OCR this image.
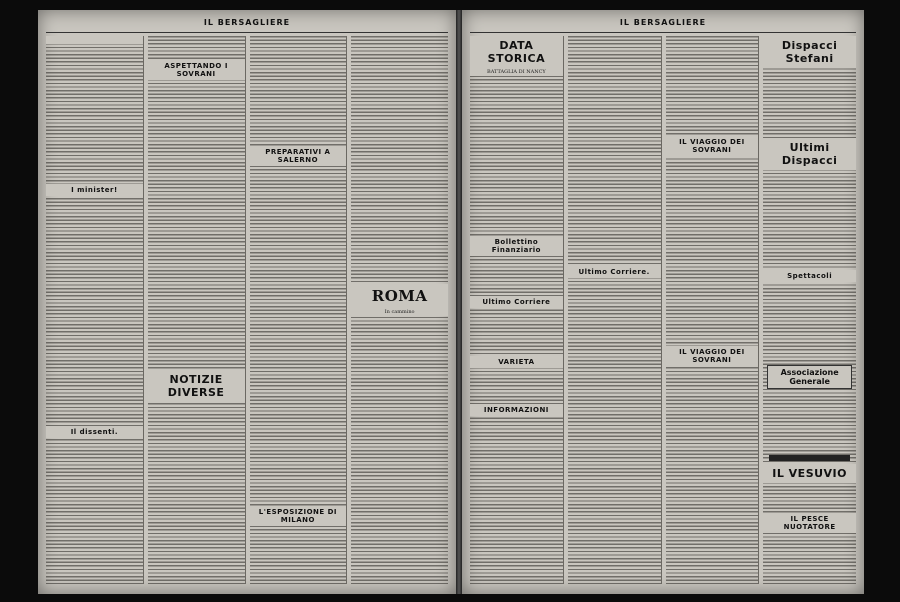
IL BERSAGLIERE
I minister!
Il dissenti.
ASPETTANDO I SOVRANI
NOTIZIE DIVERSE
PREPARATIVI A SALERNO
L'ESPOSIZIONE DI MILANO
ROMA
In cammino
IL BERSAGLIERE
DATA STORICA
BATTAGLIA DI NANCY
Bollettino Finanziario
Ultimo Corriere
VARIETA
INFORMAZIONI
Ultimo Corriere.
IL VIAGGIO DEI SOVRANI
IL VIAGGIO DEI SOVRANI
Dispacci Stefani
Ultimi Dispacci
Spettacoli
Associazione Generale
IL VESUVIO
IL PESCE NUOTATORE
